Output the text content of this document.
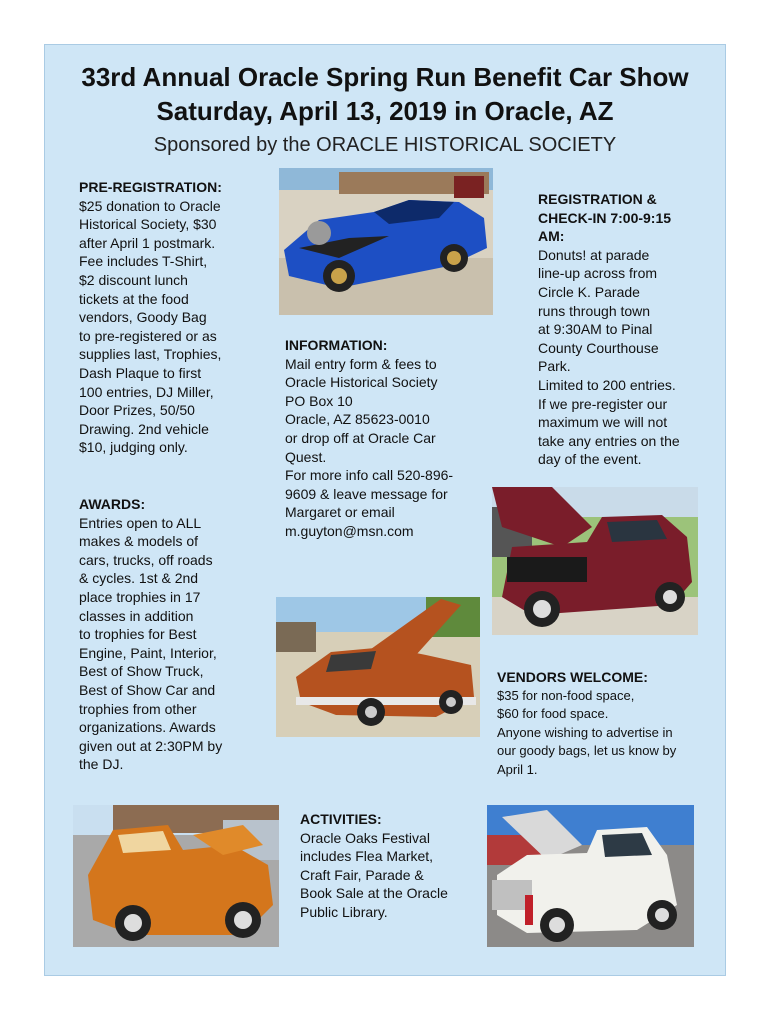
33rd Annual Oracle Spring Run Benefit Car Show
Saturday, April 13, 2019 in Oracle, AZ
Sponsored by the ORACLE HISTORICAL SOCIETY
PRE-REGISTRATION:
$25 donation to Oracle
Historical Society, $30
after April 1 postmark.
Fee includes T-Shirt,
$2 discount lunch
tickets at the food
vendors, Goody Bag
to pre-registered or as
supplies last, Trophies,
Dash Plaque to first
100 entries, DJ Miller,
Door Prizes, 50/50
Drawing. 2nd vehicle
$10, judging only.
AWARDS:
Entries open to ALL
makes & models of
cars, trucks, off roads
& cycles. 1st & 2nd
place trophies in 17
classes in addition
to trophies for Best
Engine, Paint, Interior,
Best of Show Truck,
Best of Show Car and
trophies from other
organizations. Awards
given out at 2:30PM by
the DJ.
INFORMATION:
Mail entry form & fees to
Oracle Historical Society
PO Box 10
Oracle, AZ 85623-0010
or drop off at Oracle Car
Quest.
For more info call 520-896-
9609 & leave message for
Margaret or email
m.guyton@msn.com
REGISTRATION &
CHECK-IN 7:00-9:15
AM:
Donuts! at parade
line-up across from
Circle K. Parade
runs through town
at 9:30AM to Pinal
County Courthouse
Park.
Limited to 200 entries.
If we pre-register our
maximum we will not
take any entries on the
day of the event.
VENDORS WELCOME:
$35 for non-food space,
$60 for food space.
Anyone wishing to advertise in
our goody bags, let us know by
April 1.
ACTIVITIES:
Oracle Oaks Festival
includes Flea Market,
Craft Fair, Parade &
Book Sale at the Oracle
Public Library.
